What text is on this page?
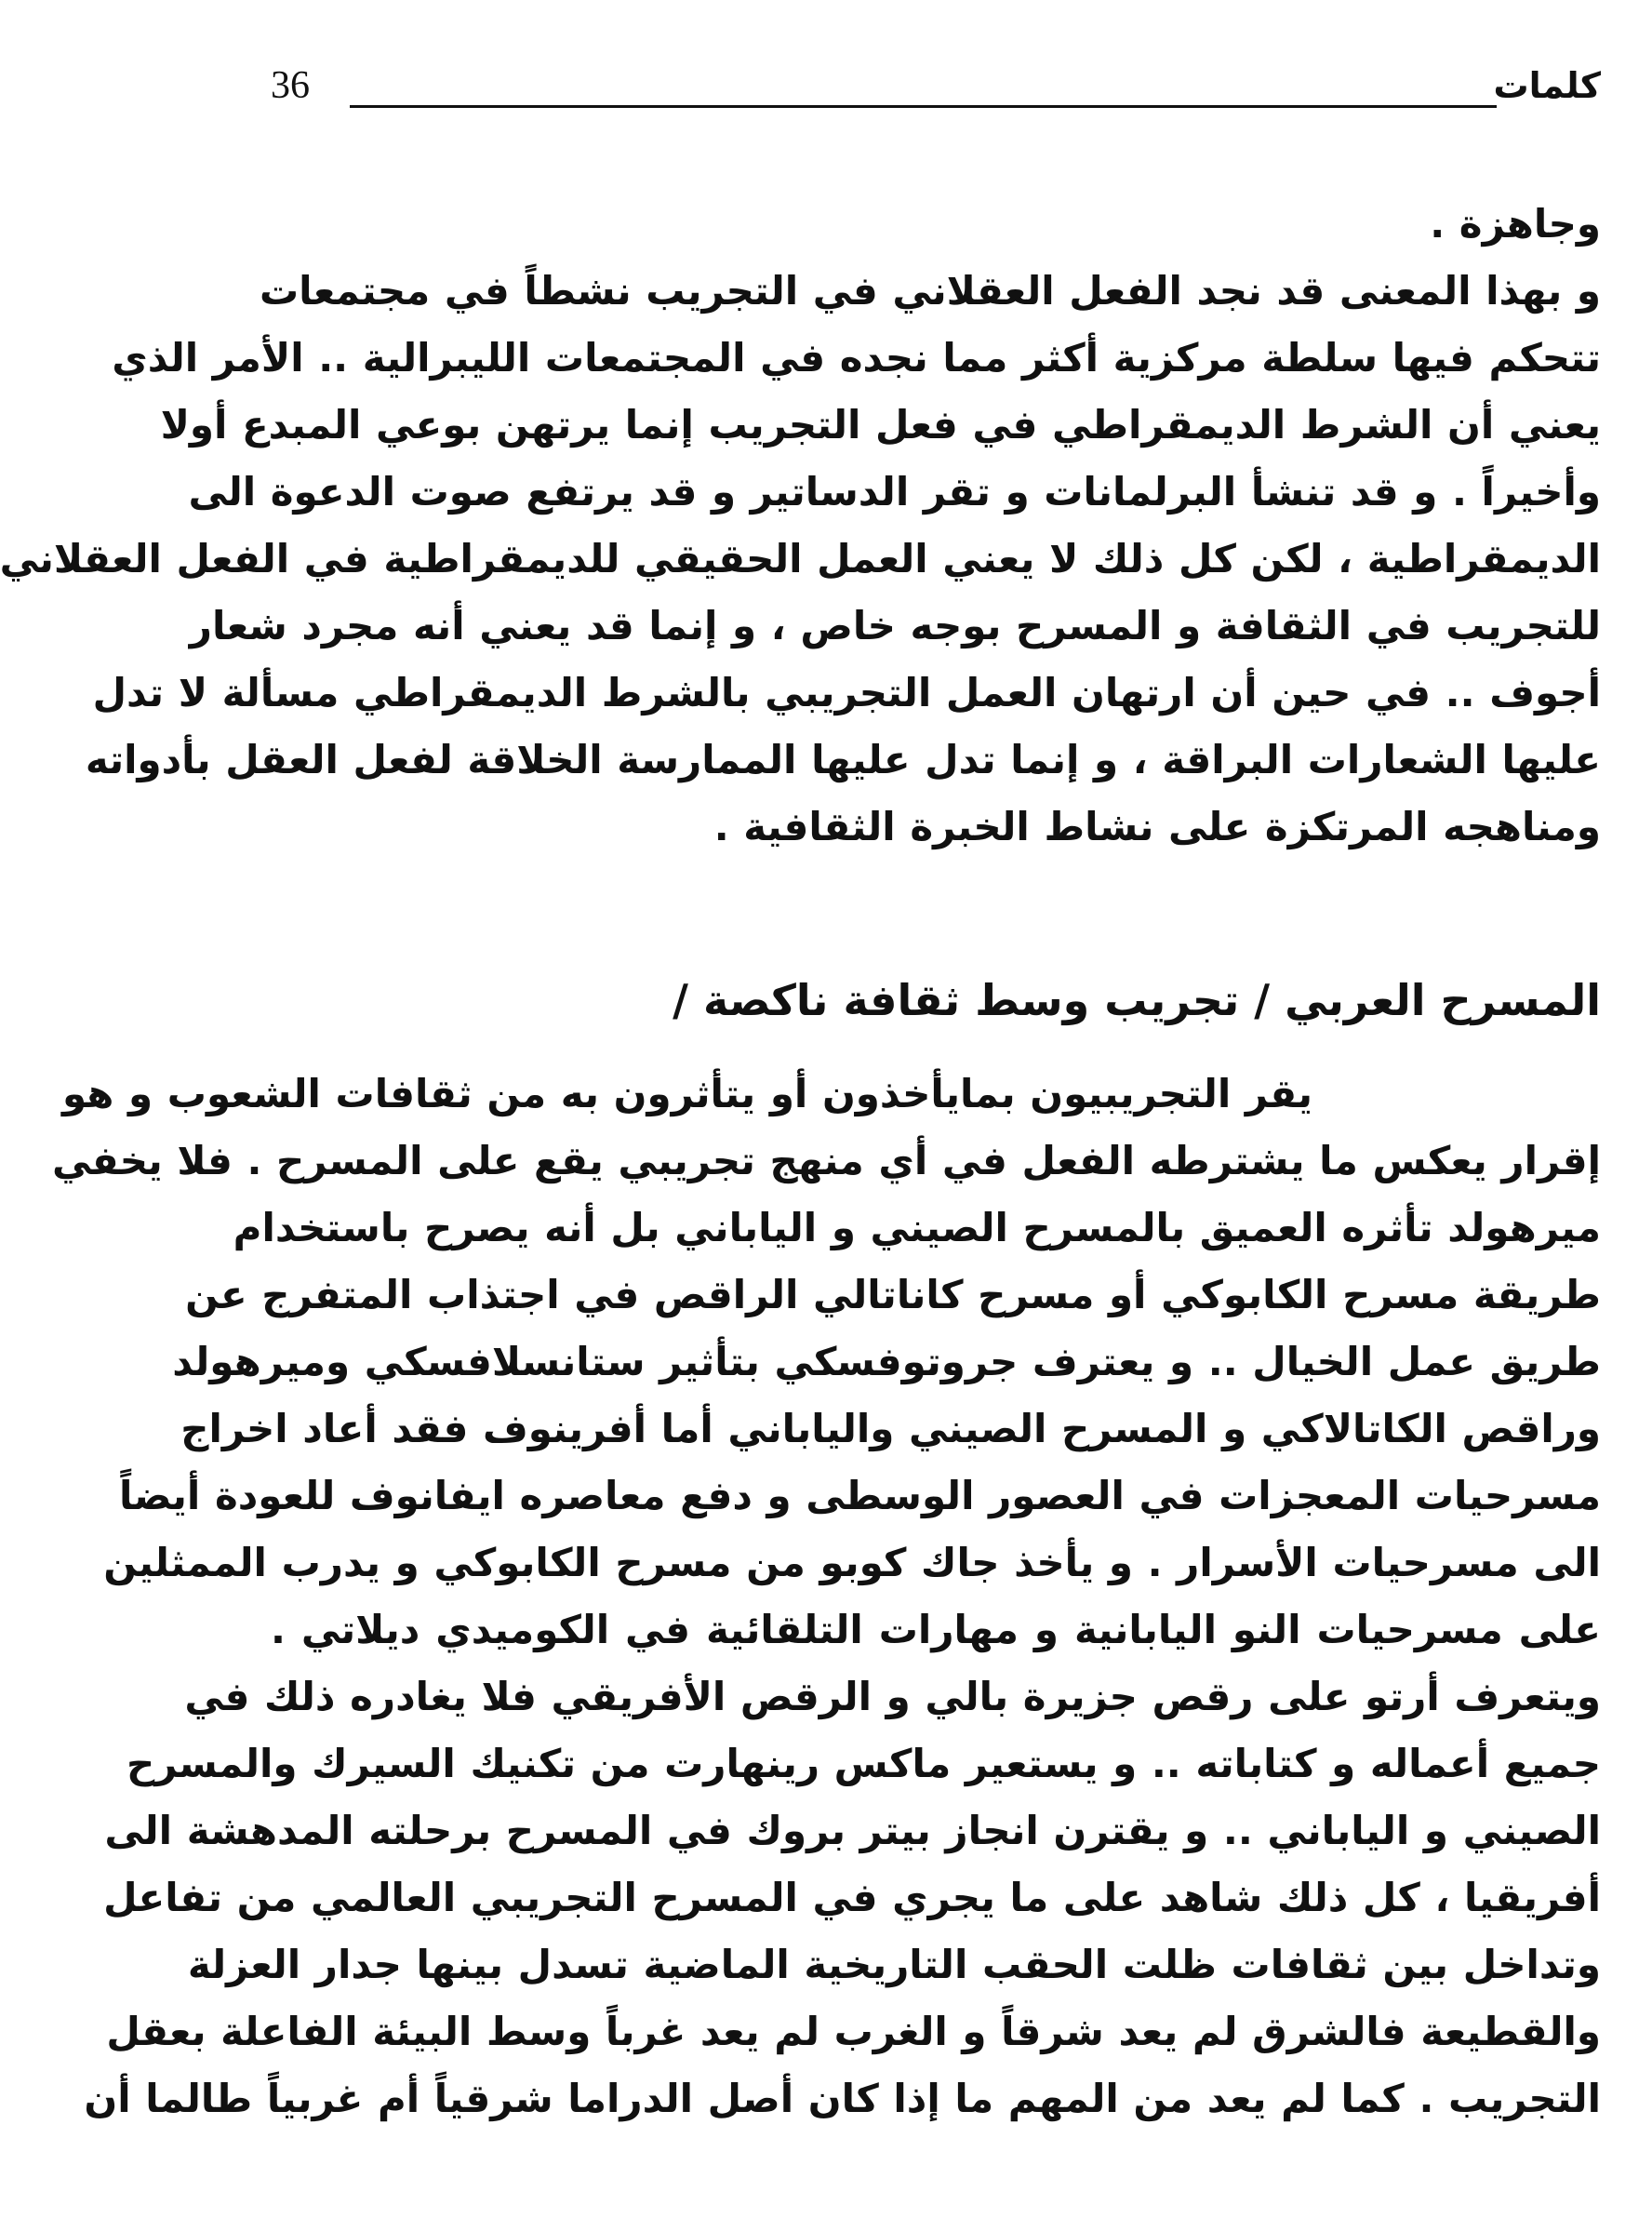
36	كلمات
وجاهزة .
و بهذا المعنى قد نجد الفعل العقلاني في التجريب نشطاً في مجتمعات
تتحكم فيها سلطة مركزية أكثر مما نجده في المجتمعات الليبرالية .. الأمر الذي
يعني أن الشرط الديمقراطي في فعل التجريب إنما يرتهن بوعي المبدع أولا
وأخيراً . و قد تنشأ البرلمانات و تقر الدساتير و قد يرتفع صوت الدعوة الى
الديمقراطية ، لكن كل ذلك لا يعني العمل الحقيقي للديمقراطية في الفعل العقلاني
للتجريب في الثقافة و المسرح بوجه خاص ، و إنما قد يعني أنه مجرد شعار
أجوف .. في حين أن ارتهان العمل التجريبي بالشرط الديمقراطي مسألة لا تدل
عليها الشعارات البراقة ، و إنما تدل عليها الممارسة الخلاقة لفعل العقل بأدواته
ومناهجه المرتكزة على نشاط الخبرة الثقافية .
المسرح العربي / تجريب وسط ثقافة ناكصة /
يقر التجريبيون بمايأخذون أو يتأثرون به من ثقافات الشعوب و هو
إقرار يعكس ما يشترطه الفعل في أي منهج تجريبي يقع على المسرح . فلا يخفي
ميرهولد تأثره العميق بالمسرح الصيني و الياباني بل أنه يصرح باستخدام
طريقة مسرح الكابوكي أو مسرح كاناتالي الراقص في اجتذاب المتفرج عن
طريق عمل الخيال .. و يعترف جروتوفسكي بتأثير ستانسلافسكي وميرهولد
وراقص الكاتالاكي و المسرح الصيني والياباني أما أفرينوف فقد أعاد اخراج
مسرحيات المعجزات في العصور الوسطى و دفع معاصره ايفانوف للعودة أيضاً
الى مسرحيات الأسرار . و يأخذ جاك كوبو من مسرح الكابوكي و يدرب الممثلين
على مسرحيات النو اليابانية و مهارات التلقائية في الكوميدي ديلاتي .
ويتعرف أرتو على رقص جزيرة بالي و الرقص الأفريقي فلا يغادره ذلك في
جميع أعماله و كتاباته .. و يستعير ماكس رينهارت من تكنيك السيرك والمسرح
الصيني و الياباني .. و يقترن انجاز بيتر بروك في المسرح برحلته المدهشة الى
أفريقيا ، كل ذلك شاهد على ما يجري في المسرح التجريبي العالمي من تفاعل
وتداخل بين ثقافات ظلت الحقب التاريخية الماضية تسدل بينها جدار العزلة
والقطيعة فالشرق لم يعد شرقاً و الغرب لم يعد غرباً وسط البيئة الفاعلة بعقل
التجريب . كما لم يعد من المهم ما إذا كان أصل الدراما شرقياً أم غربياً طالما أن
